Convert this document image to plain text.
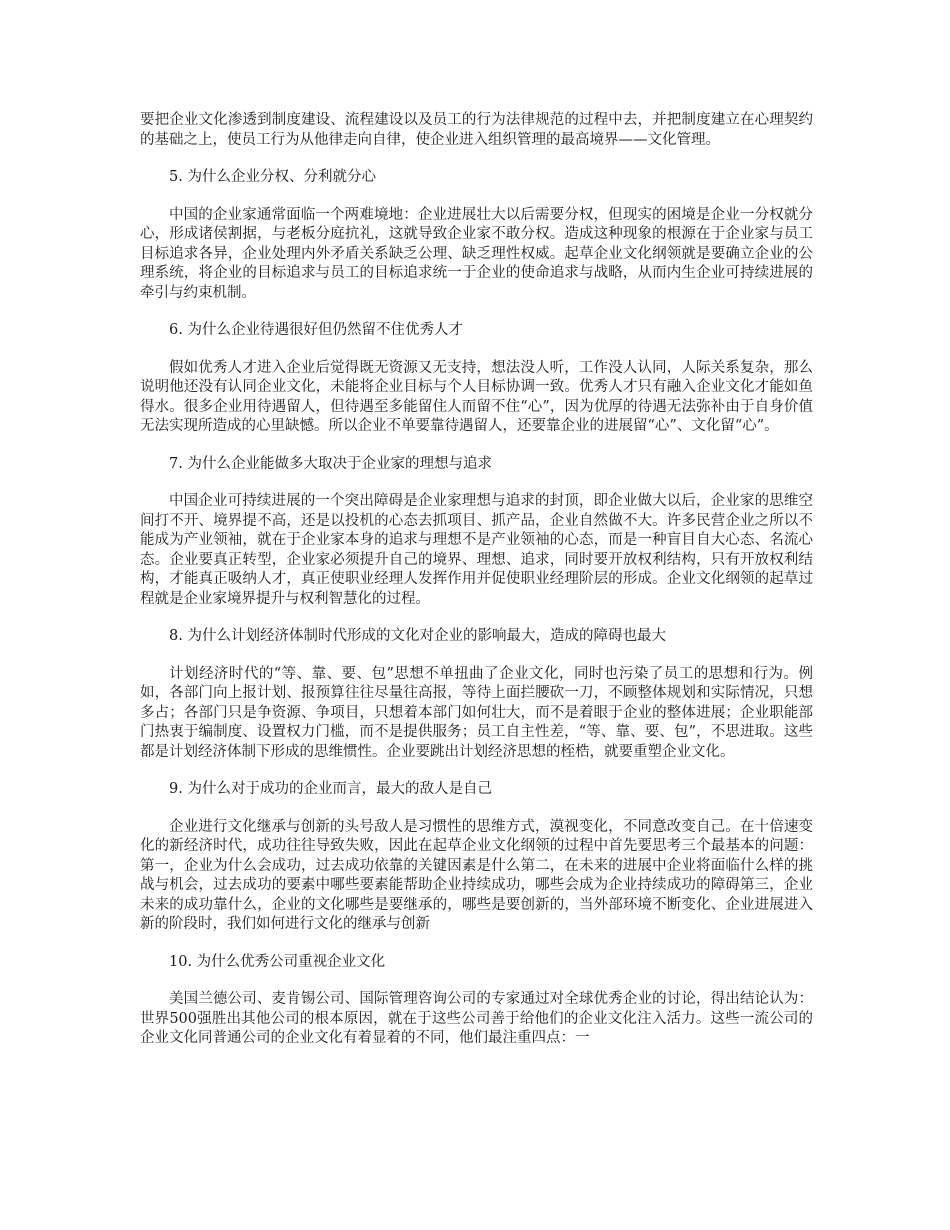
要把企业文化渗透到制度建设、流程建设以及员工的行为法律规范的过程中去，并把制度建立在心理契约的基础之上，使员工行为从他律走向自律，使企业进入组织管理的最高境界——文化管理。

5. 为什么企业分权、分利就分心

中国的企业家通常面临一个两难境地：企业进展壮大以后需要分权，但现实的困境是企业一分权就分心，形成诸侯割据，与老板分庭抗礼，这就导致企业家不敢分权。造成这种现象的根源在于企业家与员工目标追求各异，企业处理内外矛盾关系缺乏公理、缺乏理性权威。起草企业文化纲领就是要确立企业的公理系统，将企业的目标追求与员工的目标追求统一于企业的使命追求与战略，从而内生企业可持续进展的牵引与约束机制。

6. 为什么企业待遇很好但仍然留不住优秀人才

假如优秀人才进入企业后觉得既无资源又无支持，想法没人听，工作没人认同，人际关系复杂，那么说明他还没有认同企业文化，未能将企业目标与个人目标协调一致。优秀人才只有融入企业文化才能如鱼得水。很多企业用待遇留人，但待遇至多能留住人而留不住“心”，因为优厚的待遇无法弥补由于自身价值无法实现所造成的心里缺憾。所以企业不单要靠待遇留人，还要靠企业的进展留“心”、文化留“心”。

7. 为什么企业能做多大取决于企业家的理想与追求

中国企业可持续进展的一个突出障碍是企业家理想与追求的封顶，即企业做大以后，企业家的思维空间打不开、境界提不高，还是以投机的心态去抓项目、抓产品，企业自然做不大。许多民营企业之所以不能成为产业领袖，就在于企业家本身的追求与理想不是产业领袖的心态，而是一种盲目自大心态、名流心态。企业要真正转型，企业家必须提升自己的境界、理想、追求，同时要开放权利结构，只有开放权利结构，才能真正吸纳人才，真正使职业经理人发挥作用并促使职业经理阶层的形成。企业文化纲领的起草过程就是企业家境界提升与权利智慧化的过程。

8. 为什么计划经济体制时代形成的文化对企业的影响最大，造成的障碍也最大

计划经济时代的“等、靠、要、包”思想不单扭曲了企业文化，同时也污染了员工的思想和行为。例如，各部门向上报计划、报预算往往尽量往高报，等待上面拦腰砍一刀，不顾整体规划和实际情况，只想多占；各部门只是争资源、争项目，只想着本部门如何壮大，而不是着眼于企业的整体进展；企业职能部门热衷于编制度、设置权力门槛，而不是提供服务；员工自主性差，“等、靠、要、包”，不思进取。这些都是计划经济体制下形成的思维惯性。企业要跳出计划经济思想的桎梏，就要重塑企业文化。

9. 为什么对于成功的企业而言，最大的敌人是自己

企业进行文化继承与创新的头号敌人是习惯性的思维方式，漠视变化，不同意改变自己。在十倍速变化的新经济时代，成功往往导致失败，因此在起草企业文化纲领的过程中首先要思考三个最基本的问题：第一，企业为什么会成功，过去成功依靠的关键因素是什么第二，在未来的进展中企业将面临什么样的挑战与机会，过去成功的要素中哪些要素能帮助企业持续成功，哪些会成为企业持续成功的障碍第三，企业未来的成功靠什么，企业的文化哪些是要继承的，哪些是要创新的，当外部环境不断变化、企业进展进入新的阶段时，我们如何进行文化的继承与创新

10. 为什么优秀公司重视企业文化

美国兰德公司、麦肯锡公司、国际管理咨询公司的专家通过对全球优秀企业的讨论，得出结论认为：世界500强胜出其他公司的根本原因，就在于这些公司善于给他们的企业文化注入活力。这些一流公司的企业文化同普通公司的企业文化有着显着的不同，他们最注重四点：一
